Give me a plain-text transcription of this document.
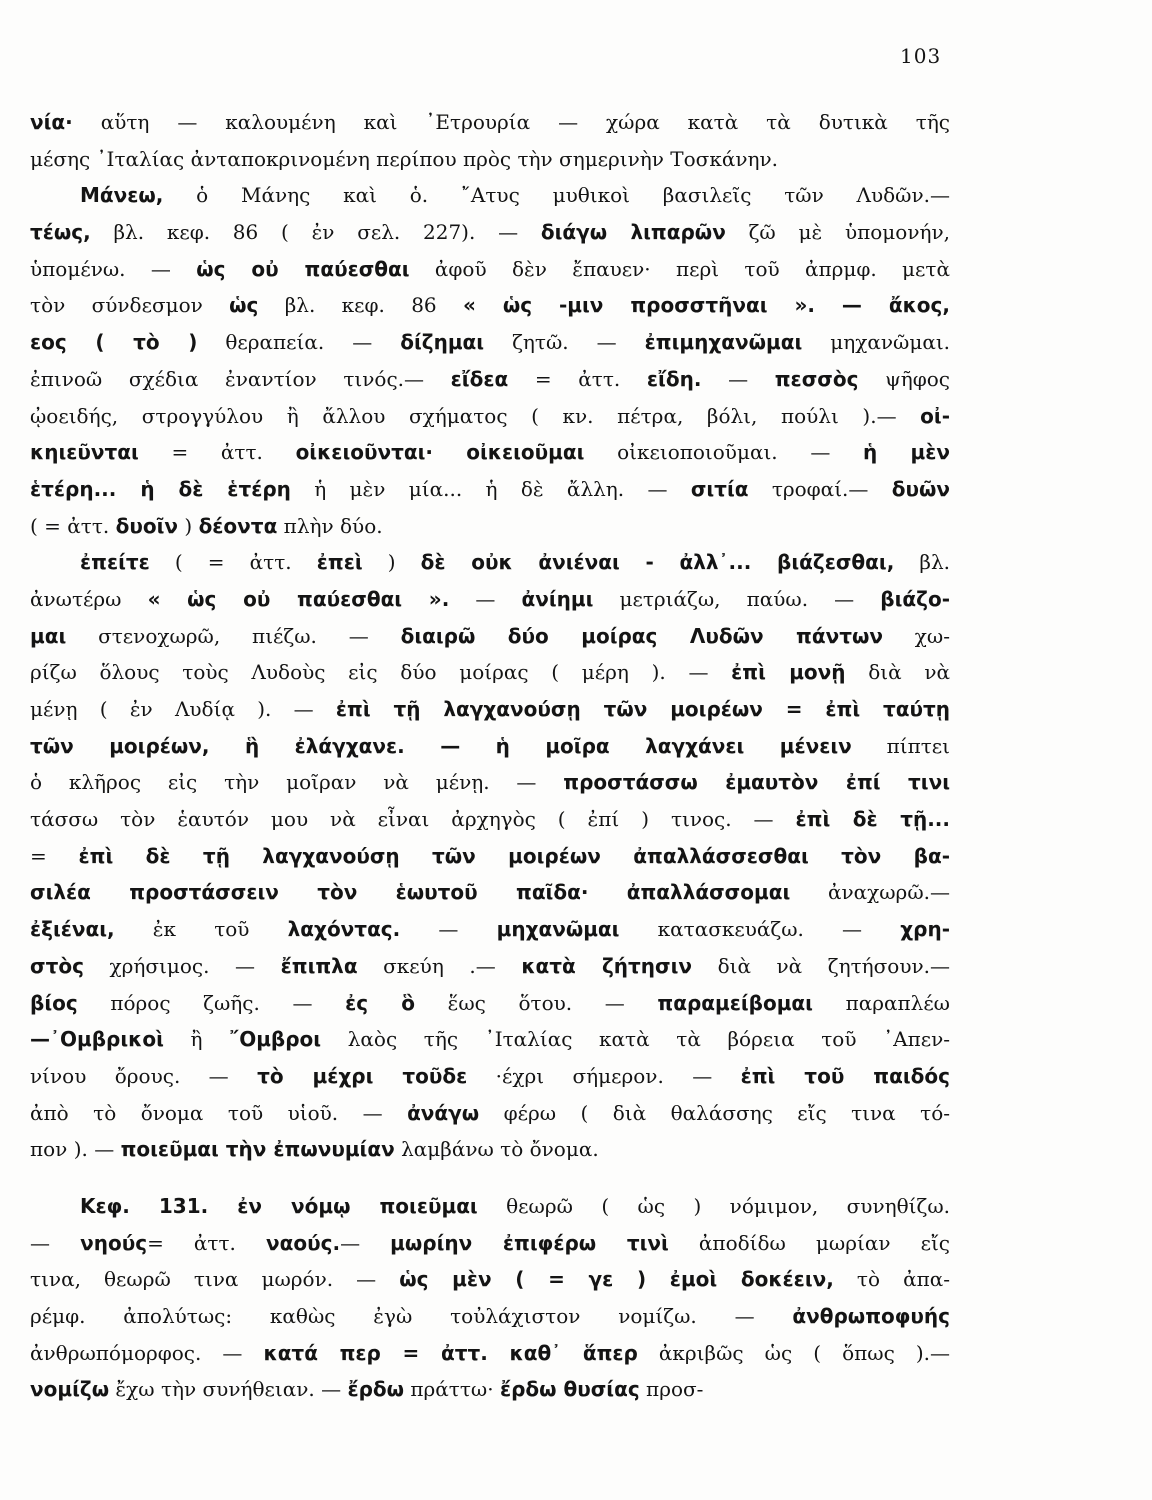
103
νία· αὕτη — καλουμένη καὶ ᾿Ετρουρία — χώρα κατὰ τὰ δυτικὰ τῆς
μέσης ᾿Ιταλίας ἀνταποκρινομένη περίπου πρὸς τὴν σημερινὴν Τοσκάνην.
Μάνεω, ὁ Μάνης καὶ ὁ. ῎Ατυς μυθικοὶ βασιλεῖς τῶν Λυδῶν.—
τέως, βλ. κεφ. 86 ( ἐν σελ. 227). — διάγω λιπαρῶν ζῶ μὲ ὑπομονήν,
ὑπομένω. — ὡς οὐ παύεσθαι ἀφοῦ δὲν ἔπαυεν· περὶ τοῦ ἀπρμφ. μετὰ
τὸν σύνδεσμον ὡς βλ. κεφ. 86 « ὡς -μιν προσστῆναι ». — ἄκος,
εος ( τὸ ) θεραπεία. — δίζημαι ζητῶ. — ἐπιμηχανῶμαι μηχανῶμαι.
ἐπινοῶ σχέδια ἐναντίον τινός.— εἴδεα = ἀττ. εἴδη. — πεσσὸς ψῆφος
ᾠοειδής, στρογγύλου ἢ ἄλλου σχήματος ( κν. πέτρα, βόλι, πούλι ).— οἰ-
κηιεῦνται = ἀττ. οἰκειοῦνται· οἰκειοῦμαι οἰκειοποιοῦμαι. — ἡ μὲν
ἑτέρη... ἡ δὲ ἑτέρη ἡ μὲν μία... ἡ δὲ ἄλλη. — σιτία τροφαί.— δυῶν
( = ἀττ. δυοῖν ) δέοντα πλὴν δύο.
ἐπείτε ( = ἀττ. ἐπεὶ ) δὲ οὐκ ἀνιέναι - ἀλλ᾿... βιάζεσθαι, βλ.
ἀνωτέρω « ὡς οὐ παύεσθαι ». — ἀνίημι μετριάζω, παύω. — βιάζο-
μαι στενοχωρῶ, πιέζω. — διαιρῶ δύο μοίρας Λυδῶν πάντων χω-
ρίζω ὅλους τοὺς Λυδοὺς εἰς δύο μοίρας ( μέρη ). — ἐπὶ μονῇ διὰ νὰ
μένῃ ( ἐν Λυδίᾳ ). — ἐπὶ τῇ λαγχανούσῃ τῶν μοιρέων = ἐπὶ ταύτῃ
τῶν μοιρέων, ἣ ἐλάγχανε. — ἡ μοῖρα λαγχάνει μένειν πίπτει
ὁ κλῆρος εἰς τὴν μοῖραν νὰ μένῃ. — προστάσσω ἐμαυτὸν ἐπί τινι
τάσσω τὸν ἑαυτόν μου νὰ εἶναι ἀρχηγὸς ( ἐπί ) τινος. — ἐπὶ δὲ τῇ...
= ἐπὶ δὲ τῇ λαγχανούσῃ τῶν μοιρέων ἀπαλλάσσεσθαι τὸν βα-
σιλέα προστάσσειν τὸν ἑωυτοῦ παῖδα· ἀπαλλάσσομαι ἀναχωρῶ.—
ἐξιέναι, ἐκ τοῦ λαχόντας. — μηχανῶμαι κατασκευάζω. — χρη-
στὸς χρήσιμος. — ἔπιπλα σκεύη .— κατὰ ζήτησιν διὰ νὰ ζητήσουν.—
βίος πόρος ζωῆς. — ἐς ὃ ἕως ὅτου. — παραμείβομαι παραπλέω
—᾿Ομβρικοὶ ἢ ῎Ομβροι λαὸς τῆς ᾿Ιταλίας κατὰ τὰ βόρεια τοῦ ᾿Απεν-
νίνου ὄρους. — τὸ μέχρι τοῦδε ·έχρι σήμερον. — ἐπὶ τοῦ παιδός
ἀπὸ τὸ ὄνομα τοῦ υἱοῦ. — ἀνάγω φέρω ( διὰ θαλάσσης εἴς τινα τό-
πον ). — ποιεῦμαι τὴν ἐπωνυμίαν λαμβάνω τὸ ὄνομα.
Κεφ. 131. ἐν νόμῳ ποιεῦμαι θεωρῶ ( ὡς ) νόμιμον, συνηθίζω.
— νηούς= ἀττ. ναούς.— μωρίην ἐπιφέρω τινὶ ἀποδίδω μωρίαν εἴς
τινα, θεωρῶ τινα μωρόν. — ὡς μὲν ( = γε ) ἐμοὶ δοκέειν, τὸ ἀπα-
ρέμφ. ἀπολύτως: καθὼς ἐγὼ τοὐλάχιστον νομίζω. — ἀνθρωποφυής
ἀνθρωπόμορφος. — κατά περ = ἀττ. καθ᾿ ἅπερ ἀκριβῶς ὡς ( ὅπως ).—
νομίζω ἔχω τὴν συνήθειαν. — ἔρδω πράττω· ἔρδω θυσίας προσ-
